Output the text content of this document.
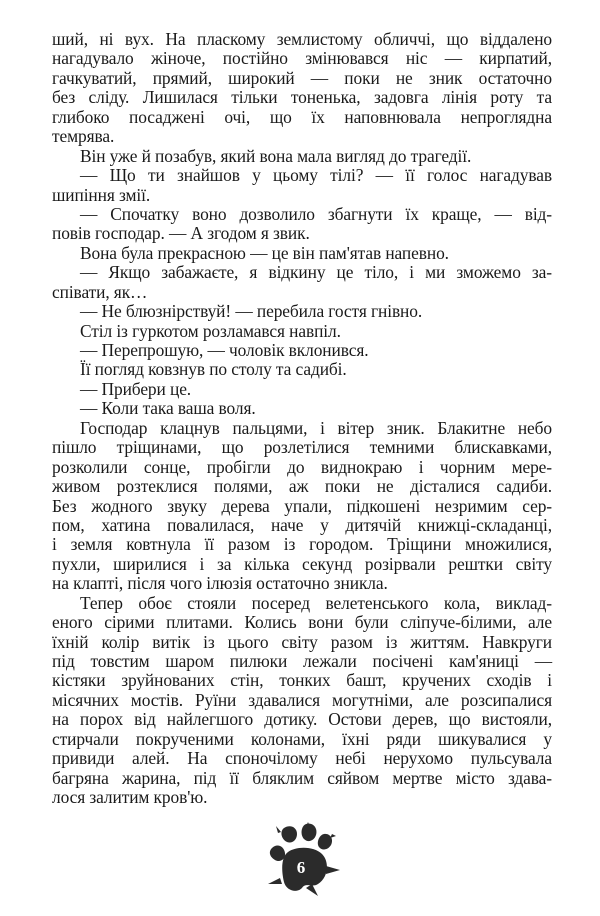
ший, ні вух. На пласкому землистому обличчі, що віддалено
нагадувало жіноче, постійно змінювався ніс — кирпатий,
гачкуватий, прямий, широкий — поки не зник остаточно
без сліду. Лишилася тільки тоненька, задовга лінія роту та
глибоко посаджені очі, що їх наповнювала непроглядна
темрява.
Він уже й позабув, який вона мала вигляд до трагедії.
— Що ти знайшов у цьому тілі? — її голос нагадував
шипіння змії.
— Спочатку воно дозволило збагнути їх краще, — від-
повів господар. — А згодом я звик.
Вона була прекрасною — це він пам'ятав напевно.
— Якщо забажаєте, я відкину це тіло, і ми зможемо за-
співати, як…
— Не блюзнірствуй! — перебила гостя гнівно.
Стіл із гуркотом розламався навпіл.
— Перепрошую, — чоловік вклонився.
Її погляд ковзнув по столу та садибі.
— Прибери це.
— Коли така ваша воля.
Господар клацнув пальцями, і вітер зник. Блакитне небо
пішло тріщинами, що розлетілися темними блискавками,
розколили сонце, пробігли до виднокраю і чорним мере-
живом розтеклися полями, аж поки не дісталися садиби.
Без жодного звуку дерева упали, підкошені незримим сер-
пом, хатина повалилася, наче у дитячій книжці-складанці,
і земля ковтнула її разом із городом. Тріщини множилися,
пухли, ширилися і за кілька секунд розірвали рештки світу
на клапті, після чого ілюзія остаточно зникла.
Тепер обоє стояли посеред велетенського кола, виклад-
еного сірими плитами. Колись вони були сліпуче-білими, але
їхній колір витік із цього світу разом із життям. Навкруги
під товстим шаром пилюки лежали посічені кам'яниці —
кістяки зруйнованих стін, тонких башт, кручених сходів і
місячних мостів. Руїни здавалися могутніми, але розсипалися
на порох від найлегшого дотику. Остови дерев, що вистояли,
стирчали покрученими колонами, їхні ряди шикувалися у
привиди алей. На споночілому небі нерухомо пульсувала
багряна жарина, під її бляклим сяйвом мертве місто здава-
лося залитим кров'ю.
6
